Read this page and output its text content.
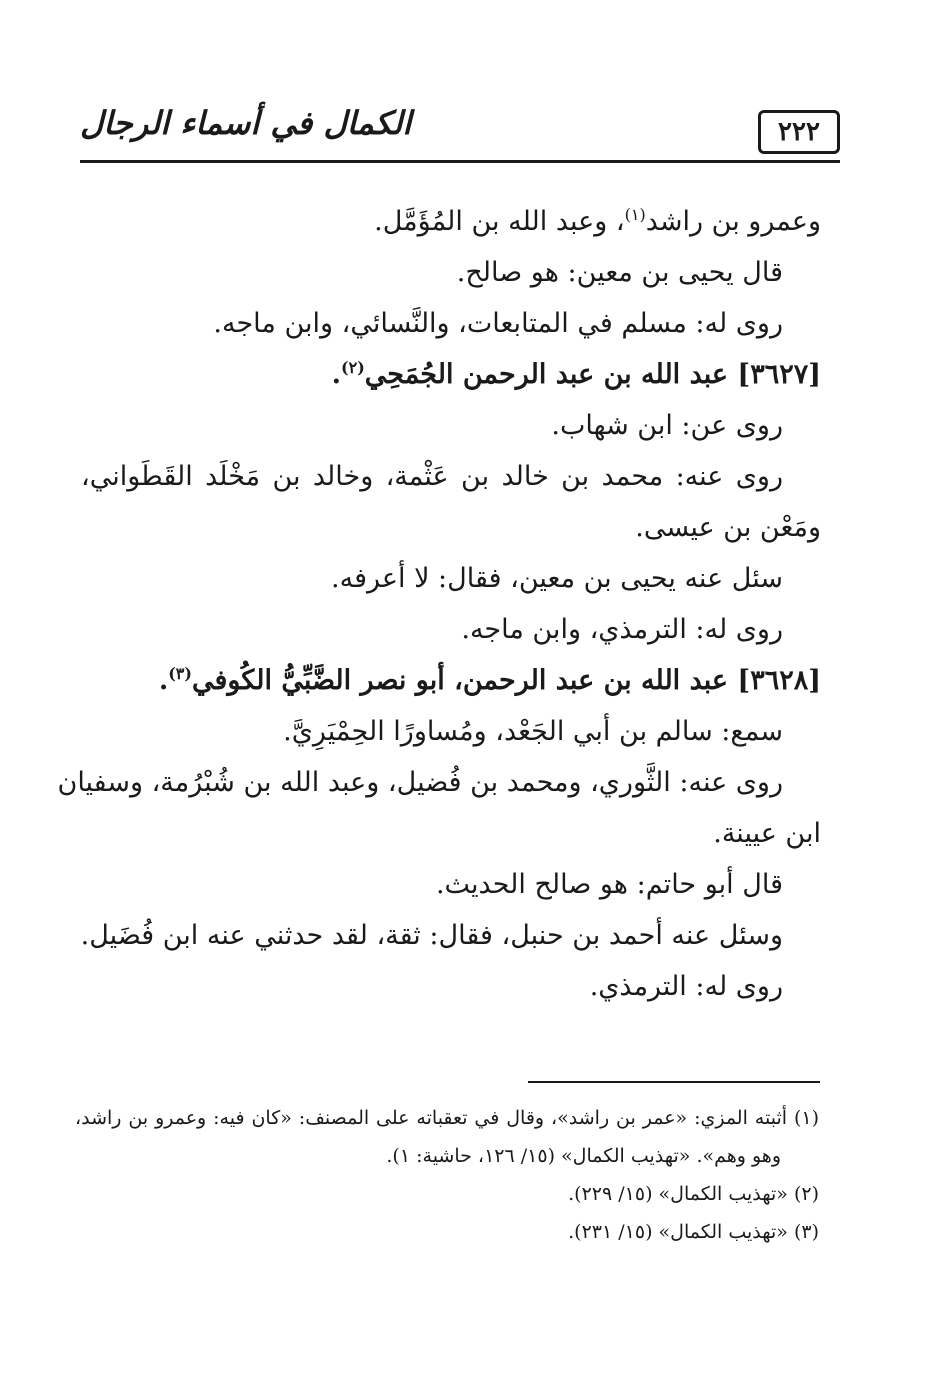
٢٢٢
الكمال في أسماء الرجال
وعمرو بن راشد$^{(١)}$، وعبد الله بن المُؤَمَّل.
قال يحيى بن معين: هو صالح.
روى له: مسلم في المتابعات، والنَّسائي، وابن ماجه.
[٣٦٢٧] عبد الله بن عبد الرحمن الجُمَحِي$^{(٢)}$.
روى عن: ابن شهاب.
روى عنه: محمد بن خالد بن عَثْمة، وخالد بن مَخْلَد القَطَواني،
ومَعْن بن عيسى.
سئل عنه يحيى بن معين، فقال: لا أعرفه.
روى له: الترمذي، وابن ماجه.
[٣٦٢٨] عبد الله بن عبد الرحمن، أبو نصر الضَّبِّيُّ الكُوفي$^{(٣)}$.
سمع: سالم بن أبي الجَعْد، ومُساورًا الحِمْيَرِيَّ.
روى عنه: الثَّوري، ومحمد بن فُضيل، وعبد الله بن شُبْرُمة، وسفيان
ابن عيينة.
قال أبو حاتم: هو صالح الحديث.
وسئل عنه أحمد بن حنبل، فقال: ثقة، لقد حدثني عنه ابن فُضَيل.
روى له: الترمذي.
(١) أثبته المزي: «عمر بن راشد»، وقال في تعقباته على المصنف: «كان فيه: وعمرو بن راشد،
وهو وهم». «تهذيب الكمال» (١٥/ ١٢٦، حاشية: ١).
(٢) «تهذيب الكمال» (١٥/ ٢٢٩).
(٣) «تهذيب الكمال» (١٥/ ٢٣١).
